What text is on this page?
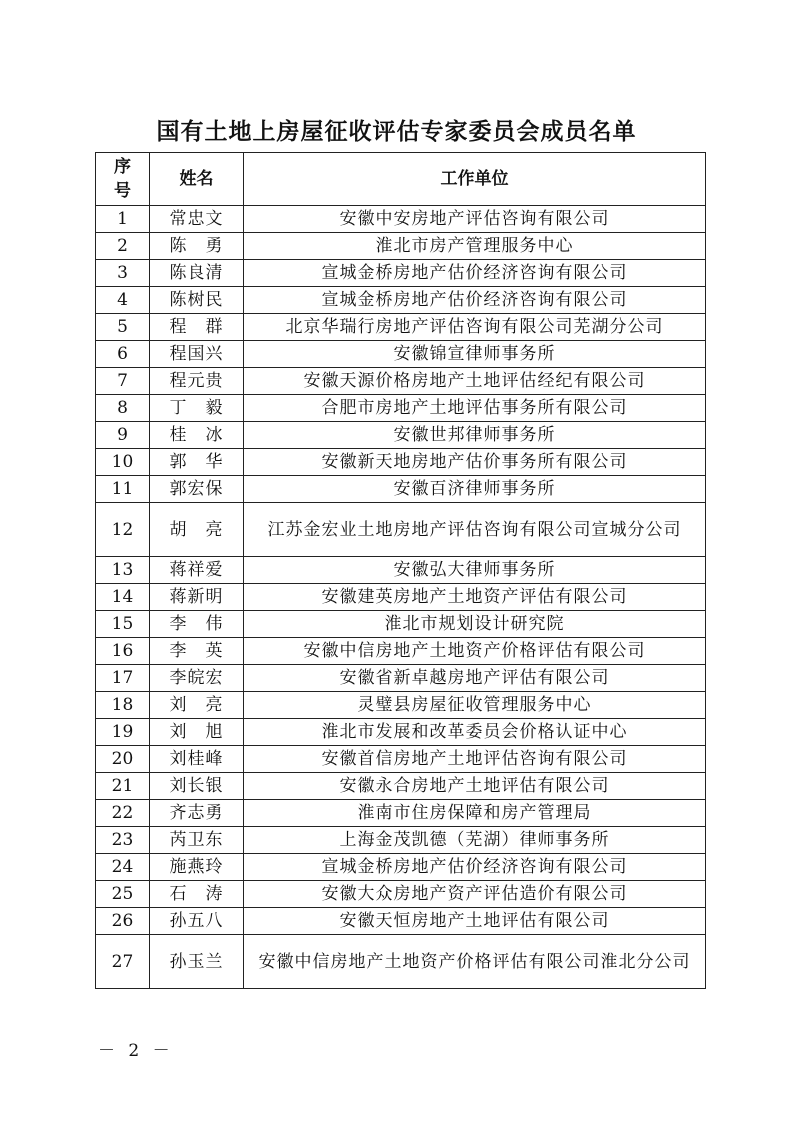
国有土地上房屋征收评估专家委员会成员名单
序
号	姓名	工作单位
1	常忠文	安徽中安房地产评估咨询有限公司
2	陈　勇	淮北市房产管理服务中心
3	陈良清	宣城金桥房地产估价经济咨询有限公司
4	陈树民	宣城金桥房地产估价经济咨询有限公司
5	程　群	北京华瑞行房地产评估咨询有限公司芜湖分公司
6	程国兴	安徽锦宣律师事务所
7	程元贵	安徽天源价格房地产土地评估经纪有限公司
8	丁　毅	合肥市房地产土地评估事务所有限公司
9	桂　冰	安徽世邦律师事务所
10	郭　华	安徽新天地房地产估价事务所有限公司
11	郭宏保	安徽百济律师事务所
12	胡　亮	江苏金宏业土地房地产评估咨询有限公司宣城分公司
13	蒋祥爱	安徽弘大律师事务所
14	蒋新明	安徽建英房地产土地资产评估有限公司
15	李　伟	淮北市规划设计研究院
16	李　英	安徽中信房地产土地资产价格评估有限公司
17	李皖宏	安徽省新卓越房地产评估有限公司
18	刘　亮	灵璧县房屋征收管理服务中心
19	刘　旭	淮北市发展和改革委员会价格认证中心
20	刘桂峰	安徽首信房地产土地评估咨询有限公司
21	刘长银	安徽永合房地产土地评估有限公司
22	齐志勇	淮南市住房保障和房产管理局
23	芮卫东	上海金茂凯德（芜湖）律师事务所
24	施燕玲	宣城金桥房地产估价经济咨询有限公司
25	石　涛	安徽大众房地产资产评估造价有限公司
26	孙五八	安徽天恒房地产土地评估有限公司
27	孙玉兰	安徽中信房地产土地资产价格评估有限公司淮北分公司
－ 2 －
